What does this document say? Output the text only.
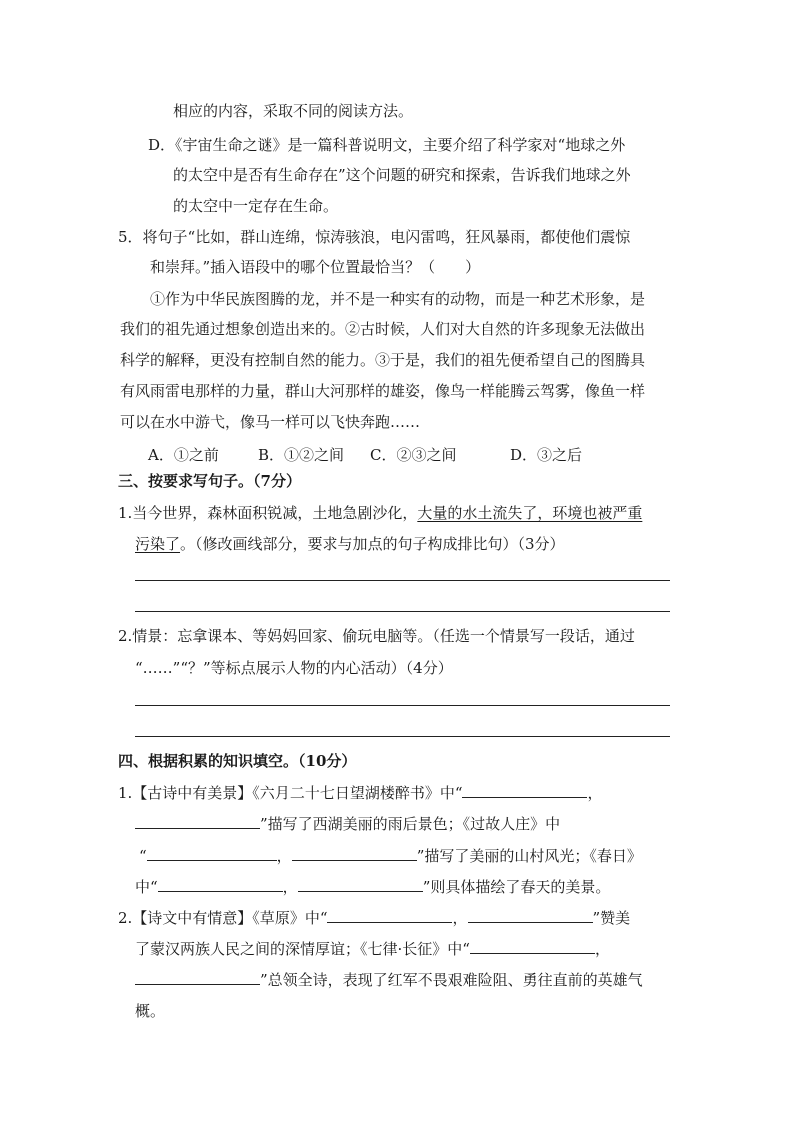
相应的内容，采取不同的阅读方法。
D．《宇宙生命之谜》是一篇科普说明文，主要介绍了科学家对“地球之外
的太空中是否有生命存在”这个问题的研究和探索，告诉我们地球之外
的太空中一定存在生命。
5．将句子“比如，群山连绵，惊涛骇浪，电闪雷鸣，狂风暴雨，都使他们震惊
和崇拜。”插入语段中的哪个位置最恰当？（　　）
①作为中华民族图腾的龙，并不是一种实有的动物，而是一种艺术形象，是
我们的祖先通过想象创造出来的。②古时候，人们对大自然的许多现象无法做出
科学的解释，更没有控制自然的能力。③于是，我们的祖先便希望自己的图腾具
有风雨雷电那样的力量，群山大河那样的雄姿，像鸟一样能腾云驾雾，像鱼一样
可以在水中游弋，像马一样可以飞快奔跑……
A．①之前	B．①②之间 C．②③之间	D．③之后
三、按要求写句子。（7分）
1.当今世界，森林面积锐减，土地急剧沙化，大量的水土流失了，环境也被严重
污染了。（修改画线部分，要求与加点的句子构成排比句）（3分）
2.情景：忘拿课本、等妈妈回家、偷玩电脑等。（任选一个情景写一段话，通过
“……”“？”等标点展示人物的内心活动）（4分）
四、根据积累的知识填空。（10分）
1.【古诗中有美景】《六月二十七日望湖楼醉书》中“	，
”描写了西湖美丽的雨后景色；《过故人庄》中
“	，	”描写了美丽的山村风光；《春日》
中“	，	”则具体描绘了春天的美景。
2.【诗文中有情意】《草原》中“	，	”赞美
了蒙汉两族人民之间的深情厚谊；《七律·长征》中“	，
”总领全诗，表现了红军不畏艰难险阻、勇往直前的英雄气
概。
